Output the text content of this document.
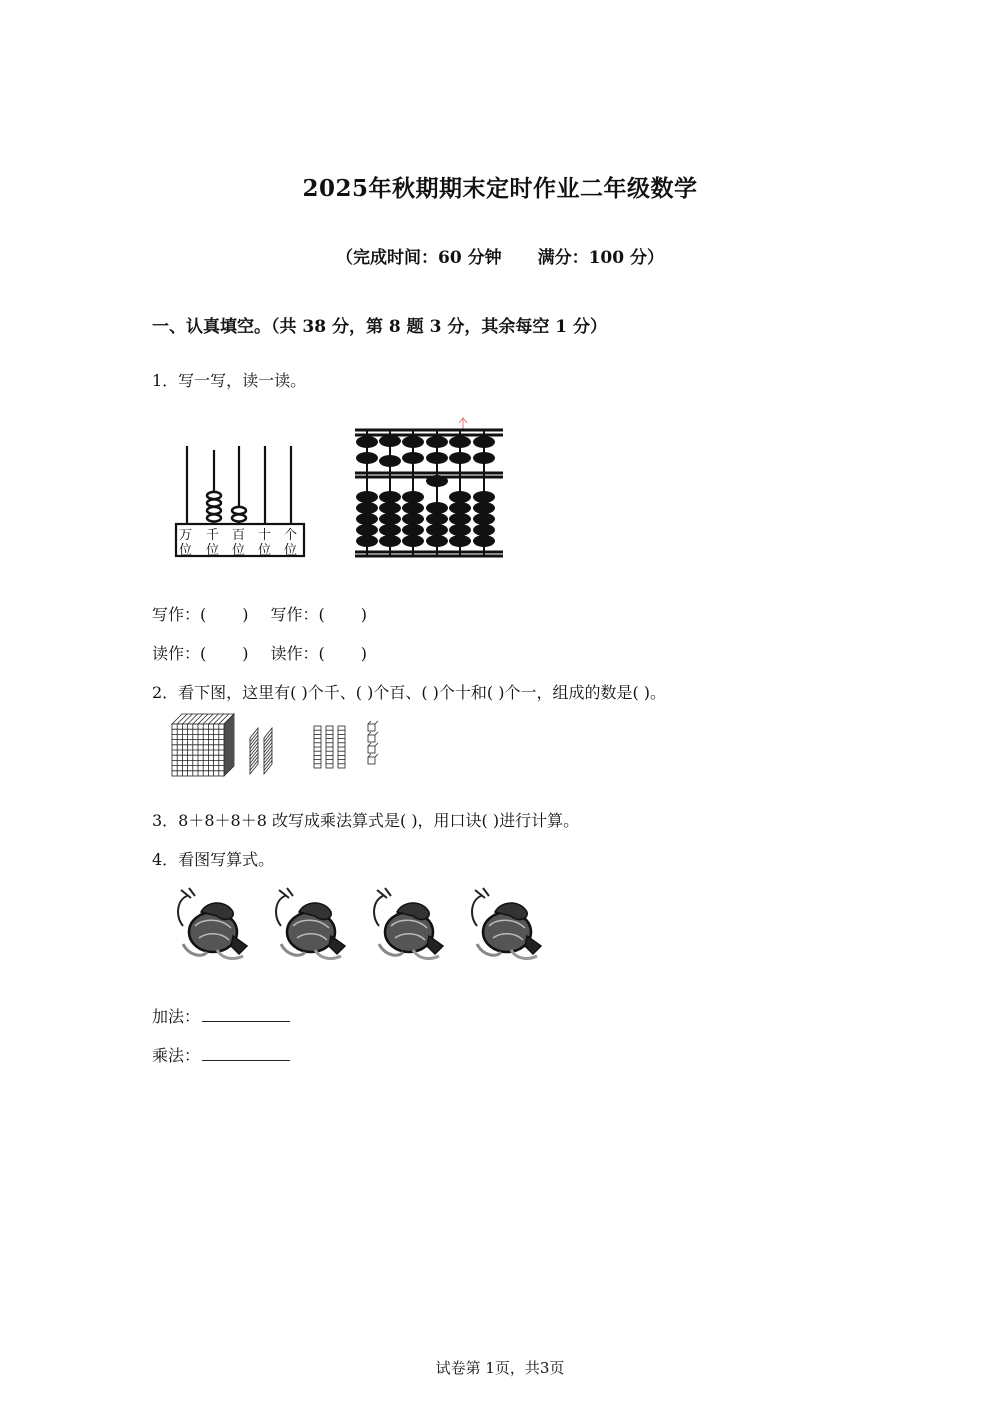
2025年秋期期末定时作业二年级数学
（完成时间：60 分钟 满分：100 分）
一、认真填空。（共 38 分，第 8 题 3 分，其余每空 1 分）
1．写一写，读一读。
万
位
千
位
百
位
十
位
个
位
写作：( ) 写作：( )
读作：( ) 读作：( )
2．看下图，这里有( )个千、( )个百、( )个十和( )个一，组成的数是( )。
3．8＋8＋8＋8 改写成乘法算式是( )，用口诀( )进行计算。
4．看图写算式。
加法：
乘法：
试卷第 1页，共3页
